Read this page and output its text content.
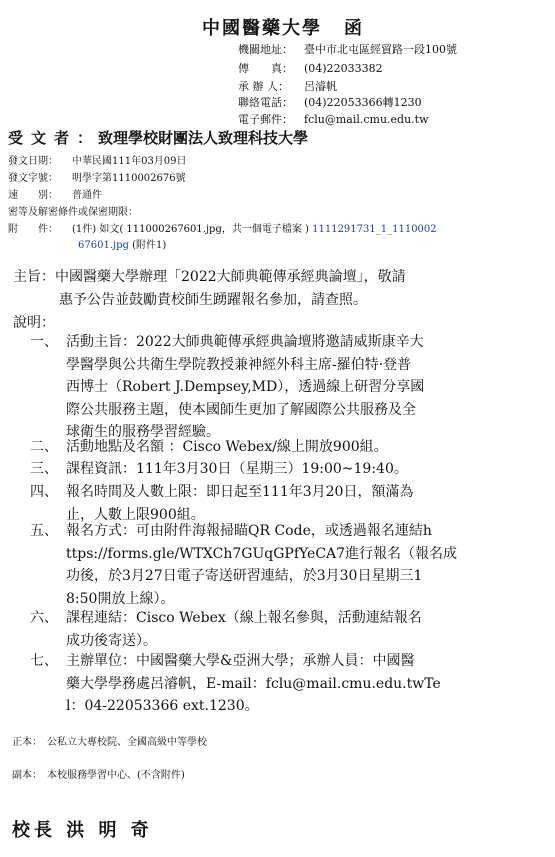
中國醫藥大學 函
機關地址： 臺中市北屯區經貿路一段100號
傳　　真： (04)22033382
承 辦 人： 呂濬帆
聯絡電話： (04)22053366轉1230
電子郵件： fclu@mail.cmu.edu.tw
受文者：致理學校財團法人致理科技大學
發文日期： 中華民國111年03月09日
發文字號： 明學字第1110002676號
速　　別： 普通件
密等及解密條件或保密期限：
附　　件： (1件) 如文( 111000267601.jpg，共一個電子檔案 ) 1111291731_1_1110002
67601.jpg (附件1)
主旨：中國醫藥大學辦理「2022大師典範傳承經典論壇」，敬請
惠予公告並鼓勵貴校師生踴躍報名參加，請查照。
說明：
一、 活動主旨：2022大師典範傳承經典論壇將邀請威斯康辛大
學醫學與公共衛生學院教授兼神經外科主席-羅伯特·登普
西博士（Robert J.Dempsey,MD），透過線上研習分享國
際公共服務主題，使本國師生更加了解國際公共服務及全
球衛生的服務學習經驗。
二、 活動地點及名額 ：Cisco Webex/線上開放900組。
三、 課程資訊：111年3月30日（星期三）19:00~19:40。
四、 報名時間及人數上限：即日起至111年3月20日，額滿為
止，人數上限900組。
五、 報名方式：可由附件海報掃瞄QR Code，或透過報名連結h
ttps://forms.gle/WTXCh7GUqGPfYeCA7進行報名（報名成
功後，於3月27日電子寄送研習連結，於3月30日星期三1
8:50開放上線）。
六、 課程連結：Cisco Webex（線上報名參與，活動連結報名
成功後寄送）。
七、 主辦單位：中國醫藥大學&亞洲大學；承辦人員：中國醫
藥大學學務處呂濬帆，E-mail：fclu@mail.cmu.edu.twTe
l：04-22053366 ext.1230。
正本：　 公私立大專校院、全國高級中等學校
副本：　 本校服務學習中心、(不含附件)
校長 洪 明 奇
